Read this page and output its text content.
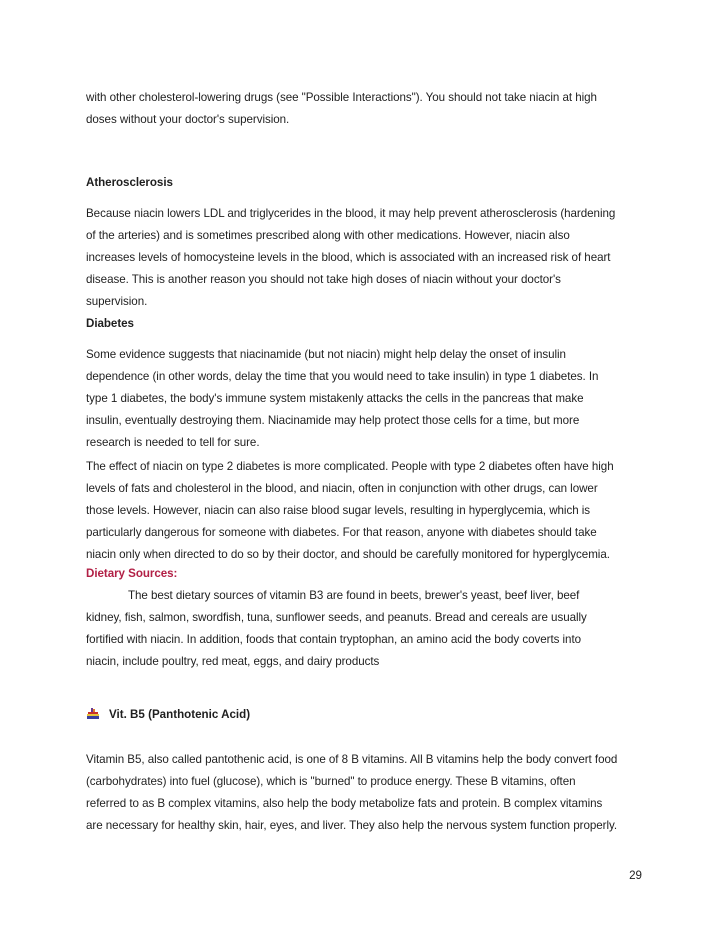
with other cholesterol-lowering drugs (see "Possible Interactions"). You should not take niacin at high
doses without your doctor's supervision.
Atherosclerosis
Because niacin lowers LDL and triglycerides in the blood, it may help prevent atherosclerosis (hardening
of the arteries) and is sometimes prescribed along with other medications. However, niacin also
increases levels of homocysteine levels in the blood, which is associated with an increased risk of heart
disease. This is another reason you should not take high doses of niacin without your doctor's
supervision.
Diabetes
Some evidence suggests that niacinamide (but not niacin) might help delay the onset of insulin
dependence (in other words, delay the time that you would need to take insulin) in type 1 diabetes. In
type 1 diabetes, the body's immune system mistakenly attacks the cells in the pancreas that make
insulin, eventually destroying them. Niacinamide may help protect those cells for a time, but more
research is needed to tell for sure.
The effect of niacin on type 2 diabetes is more complicated. People with type 2 diabetes often have high
levels of fats and cholesterol in the blood, and niacin, often in conjunction with other drugs, can lower
those levels. However, niacin can also raise blood sugar levels, resulting in hyperglycemia, which is
particularly dangerous for someone with diabetes. For that reason, anyone with diabetes should take
niacin only when directed to do so by their doctor, and should be carefully monitored for hyperglycemia.
Dietary Sources:
The best dietary sources of vitamin B3 are found in beets, brewer's yeast, beef liver, beef
kidney, fish, salmon, swordfish, tuna, sunflower seeds, and peanuts. Bread and cereals are usually
fortified with niacin. In addition, foods that contain tryptophan, an amino acid the body coverts into
niacin, include poultry, red meat, eggs, and dairy products
Vit. B5 (Panthotenic Acid)
Vitamin B5, also called pantothenic acid, is one of 8 B vitamins. All B vitamins help the body convert food
(carbohydrates) into fuel (glucose), which is "burned" to produce energy. These B vitamins, often
referred to as B complex vitamins, also help the body metabolize fats and protein. B complex vitamins
are necessary for healthy skin, hair, eyes, and liver. They also help the nervous system function properly.
29
